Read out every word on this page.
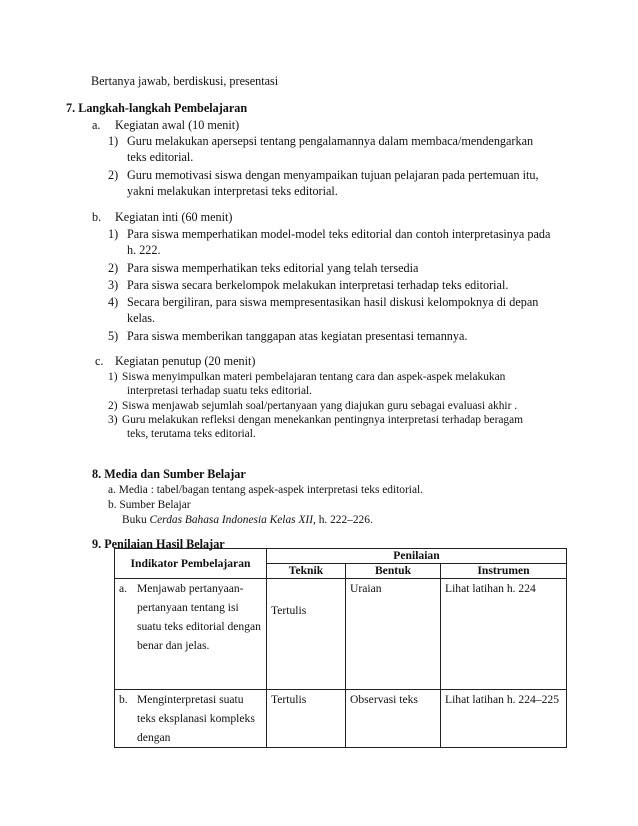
Bertanya jawab, berdiskusi, presentasi
7. Langkah-langkah Pembelajaran
a. Kegiatan awal (10 menit)
1) Guru melakukan apersepsi tentang pengalamannya dalam membaca/mendengarkan
teks editorial.
2) Guru memotivasi siswa dengan menyampaikan tujuan pelajaran pada pertemuan itu,
yakni melakukan interpretasi teks editorial.
b. Kegiatan inti (60 menit)
1) Para siswa memperhatikan model-model teks editorial dan contoh interpretasinya pada
h. 222.
2) Para siswa memperhatikan teks editorial yang telah tersedia
3) Para siswa secara berkelompok melakukan interpretasi terhadap teks editorial.
4) Secara bergiliran, para siswa mempresentasikan hasil diskusi kelompoknya di depan
kelas.
5) Para siswa memberikan tanggapan atas kegiatan presentasi temannya.
c. Kegiatan penutup (20 menit)
1) Siswa menyimpulkan materi pembelajaran tentang cara dan aspek-aspek melakukan
interpretasi terhadap suatu teks editorial.
2) Siswa menjawab sejumlah soal/pertanyaan yang diajukan guru sebagai evaluasi akhir .
3) Guru melakukan refleksi dengan menekankan pentingnya interpretasi terhadap beragam
teks, terutama teks editorial.
8. Media dan Sumber Belajar
a. Media : tabel/bagan tentang aspek-aspek interpretasi teks editorial.
b. Sumber Belajar
Buku Cerdas Bahasa Indonesia Kelas XII, h. 222–226.
9. Penilaian Hasil Belajar
Indikator Pembelajaran	Penilaian		
	Teknik	Bentuk	Instrumen

a. Menjawab pertanyaan- pertanyaan tentang isi suatu teks editorial dengan benar dan jelas.	Tertulis	Uraian	Lihat latihan h. 224

b. Menginterpretasi suatu teks eksplanasi kompleks dengan	Tertulis	Observasi teks	Lihat latihan h. 224–225
